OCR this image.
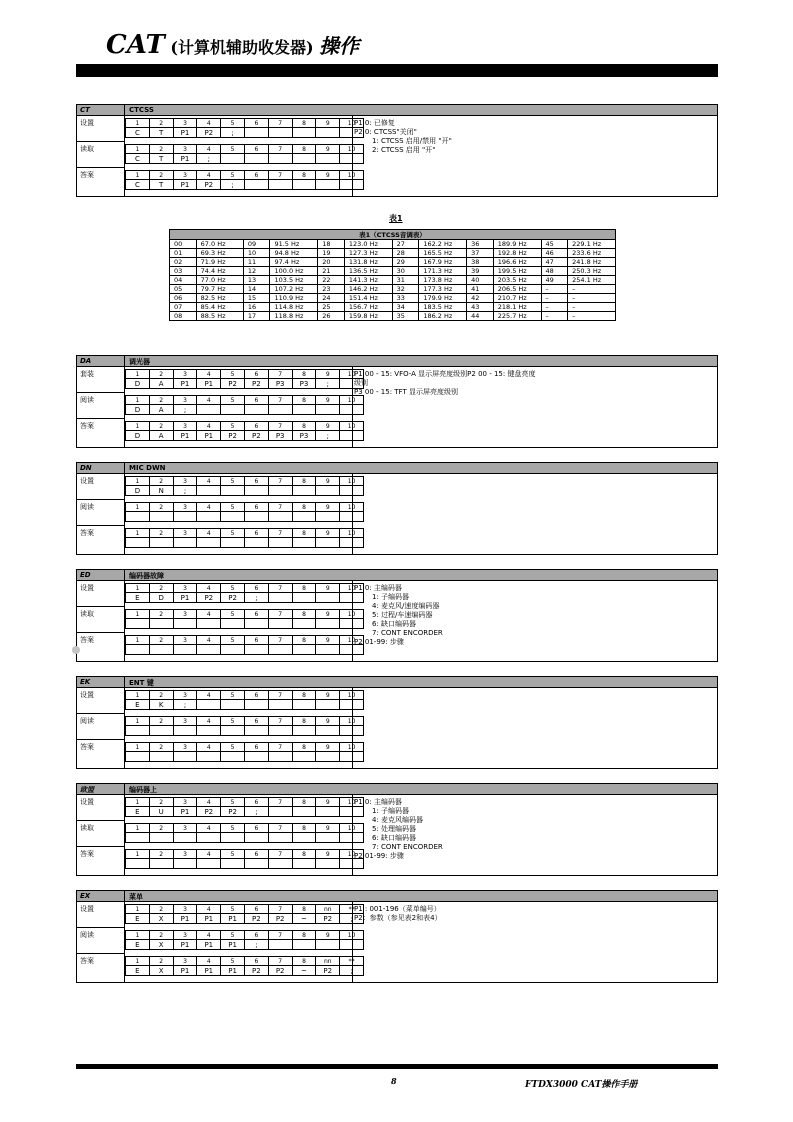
CAT (计算机辅助收发器) 操作
CT	CTCSS
设置	1	2	3	4	5	6	7	8	9	10
C	T	P1	P2	;					
读取	1	2	3	4	5	6	7	8	9	10
C	T	P1	;						
答案	1	2	3	4	5	6	7	8	9	10
C	T	P1	P2	;					
P1 0: 已修复
P2 0: CTCSS"关闭"
1: CTCSS 启用/禁用 "开"
2: CTCSS 启用 "开"
DA	调光器
套装	1	2	3	4	5	6	7	8	9	10
D	A	P1	P1	P2	P2	P3	P3	;	
阅读	1	2	3	4	5	6	7	8	9	10
D	A	;							
答案	1	2	3	4	5	6	7	8	9	10
D	A	P1	P1	P2	P2	P3	P3	;	
P1 00 - 15: VFO-A 显示屏亮度级别P2 00 - 15: 键盘亮度
级别
P3 00 - 15: TFT 显示屏亮度级别
DN	MIC DWN
设置	1	2	3	4	5	6	7	8	9	10
D	N	;							
阅读	1	2	3	4	5	6	7	8	9	10

答案	1	2	3	4	5	6	7	8	9	10

ED	编码器故障
设置	1	2	3	4	5	6	7	8	9	10
E	D	P1	P2	P2	;				
读取	1	2	3	4	5	6	7	8	9	10

答案	1	2	3	4	5	6	7	8	9	10

P1 0: 主编码器
1: 子编码器
4: 麦克风/速度编码器
5: 过程/车速编码器
6: 缺口编码器
7: CONT ENCORDER
P2 01-99: 步骤
EK	ENT 键
设置	1	2	3	4	5	6	7	8	9	10
E	K	;							
阅读	1	2	3	4	5	6	7	8	9	10

答案	1	2	3	4	5	6	7	8	9	10

欧盟	编码器上
设置	1	2	3	4	5	6	7	8	9	10
E	U	P1	P2	P2	;				
读取	1	2	3	4	5	6	7	8	9	10

答案	1	2	3	4	5	6	7	8	9	10

P1 0: 主编码器
1: 子编码器
4: 麦克风编码器
5: 处理编码器
6: 缺口编码器
7: CONT ENCORDER
P2 01-99: 步骤
EX	菜单
设置	1	2	3	4	5	6	7	8	nn	**
E	X	P1	P1	P1	P2	P2	~	P2	;
阅读	1	2	3	4	5	6	7	8	9	10
E	X	P1	P1	P1	;				
答案	1	2	3	4	5	6	7	8	nn	**
E	X	P1	P1	P1	P2	P2	~	P2	;
P1 : 001-196（菜单编号）
P2：参数（参见表2和表4）
表1
表1（CTCSS音调表）											
00	67.0 Hz	09	91.5 Hz	18	123.0 Hz	27	162.2 Hz	36	189.9 Hz	45	229.1 Hz
01	69.3 Hz	10	94.8 Hz	19	127.3 Hz	28	165.5 Hz	37	192.8 Hz	46	233.6 Hz
02	71.9 Hz	11	97.4 Hz	20	131.8 Hz	29	167.9 Hz	38	196.6 Hz	47	241.8 Hz
03	74.4 Hz	12	100.0 Hz	21	136.5 Hz	30	171.3 Hz	39	199.5 Hz	48	250.3 Hz
04	77.0 Hz	13	103.5 Hz	22	141.3 Hz	31	173.8 Hz	40	203.5 Hz	49	254.1 Hz
05	79.7 Hz	14	107.2 Hz	23	146.2 Hz	32	177.3 Hz	41	206.5 Hz	–	–
06	82.5 Hz	15	110.9 Hz	24	151.4 Hz	33	179.9 Hz	42	210.7 Hz	–	–
07	85.4 Hz	16	114.8 Hz	25	156.7 Hz	34	183.5 Hz	43	218.1 Hz	–	–
08	88.5 Hz	17	118.8 Hz	26	159.8 Hz	35	186.2 Hz	44	225.7 Hz	–	–
8	FTDX3000 CAT操作手册
